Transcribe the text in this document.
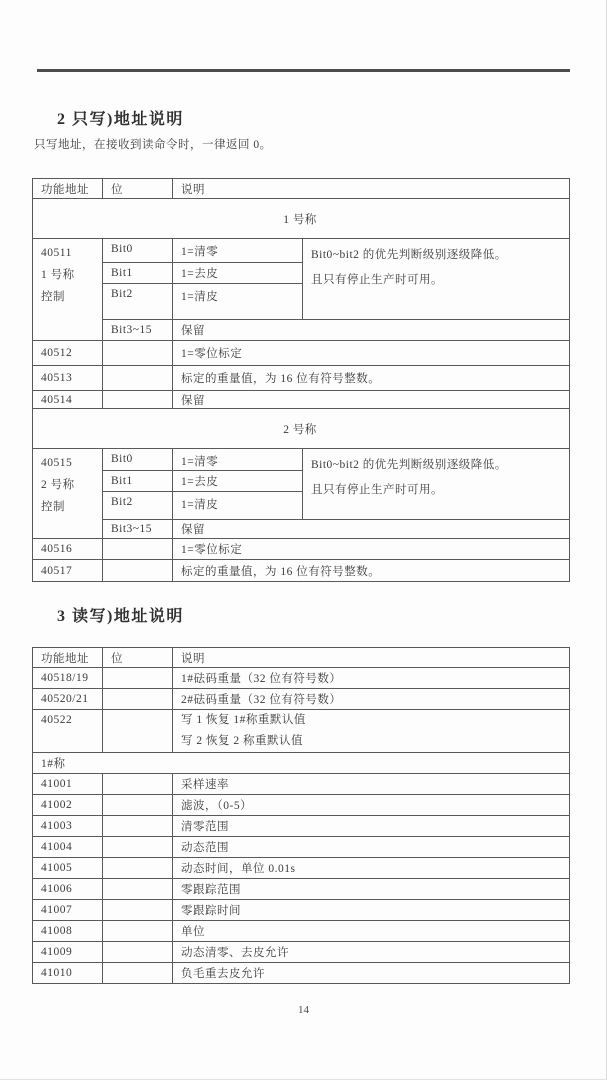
2 只写)地址说明
只写地址，在接收到读命令时，一律返回 0。
功能地址	位	说明	
1 号称			

40511
1 号称
控制
	Bit0	1=清零	Bit0~bit2 的优先判断级别逐级降低。
且只有停止生产时可用。

	Bit1	1=去皮	
	Bit2	1=清皮	
	Bit3~15	保留	
40512		1=零位标定	
40513		标定的重量值，为 16 位有符号整数。	
40514		保留	
2 号称			

40515
2 号称
控制
	Bit0	1=清零	Bit0~bit2 的优先判断级别逐级降低。
且只有停止生产时可用。

	Bit1	1=去皮	
	Bit2	1=清皮	
	Bit3~15	保留	
40516		1=零位标定	
40517		标定的重量值，为 16 位有符号整数。	
3 读写)地址说明
功能地址	位	说明
40518/19		1#砝码重量（32 位有符号数）
40520/21		2#砝码重量（32 位有符号数）
40522		写 1 恢复 1#称重默认值
写 2 恢复 2 称重默认值

1#称		
41001		采样速率
41002		滤波，（0-5）
41003		清零范围
41004		动态范围
41005		动态时间，单位 0.01s
41006		零跟踪范围
41007		零跟踪时间
41008		单位
41009		动态清零、去皮允许
41010		负毛重去皮允许
14
